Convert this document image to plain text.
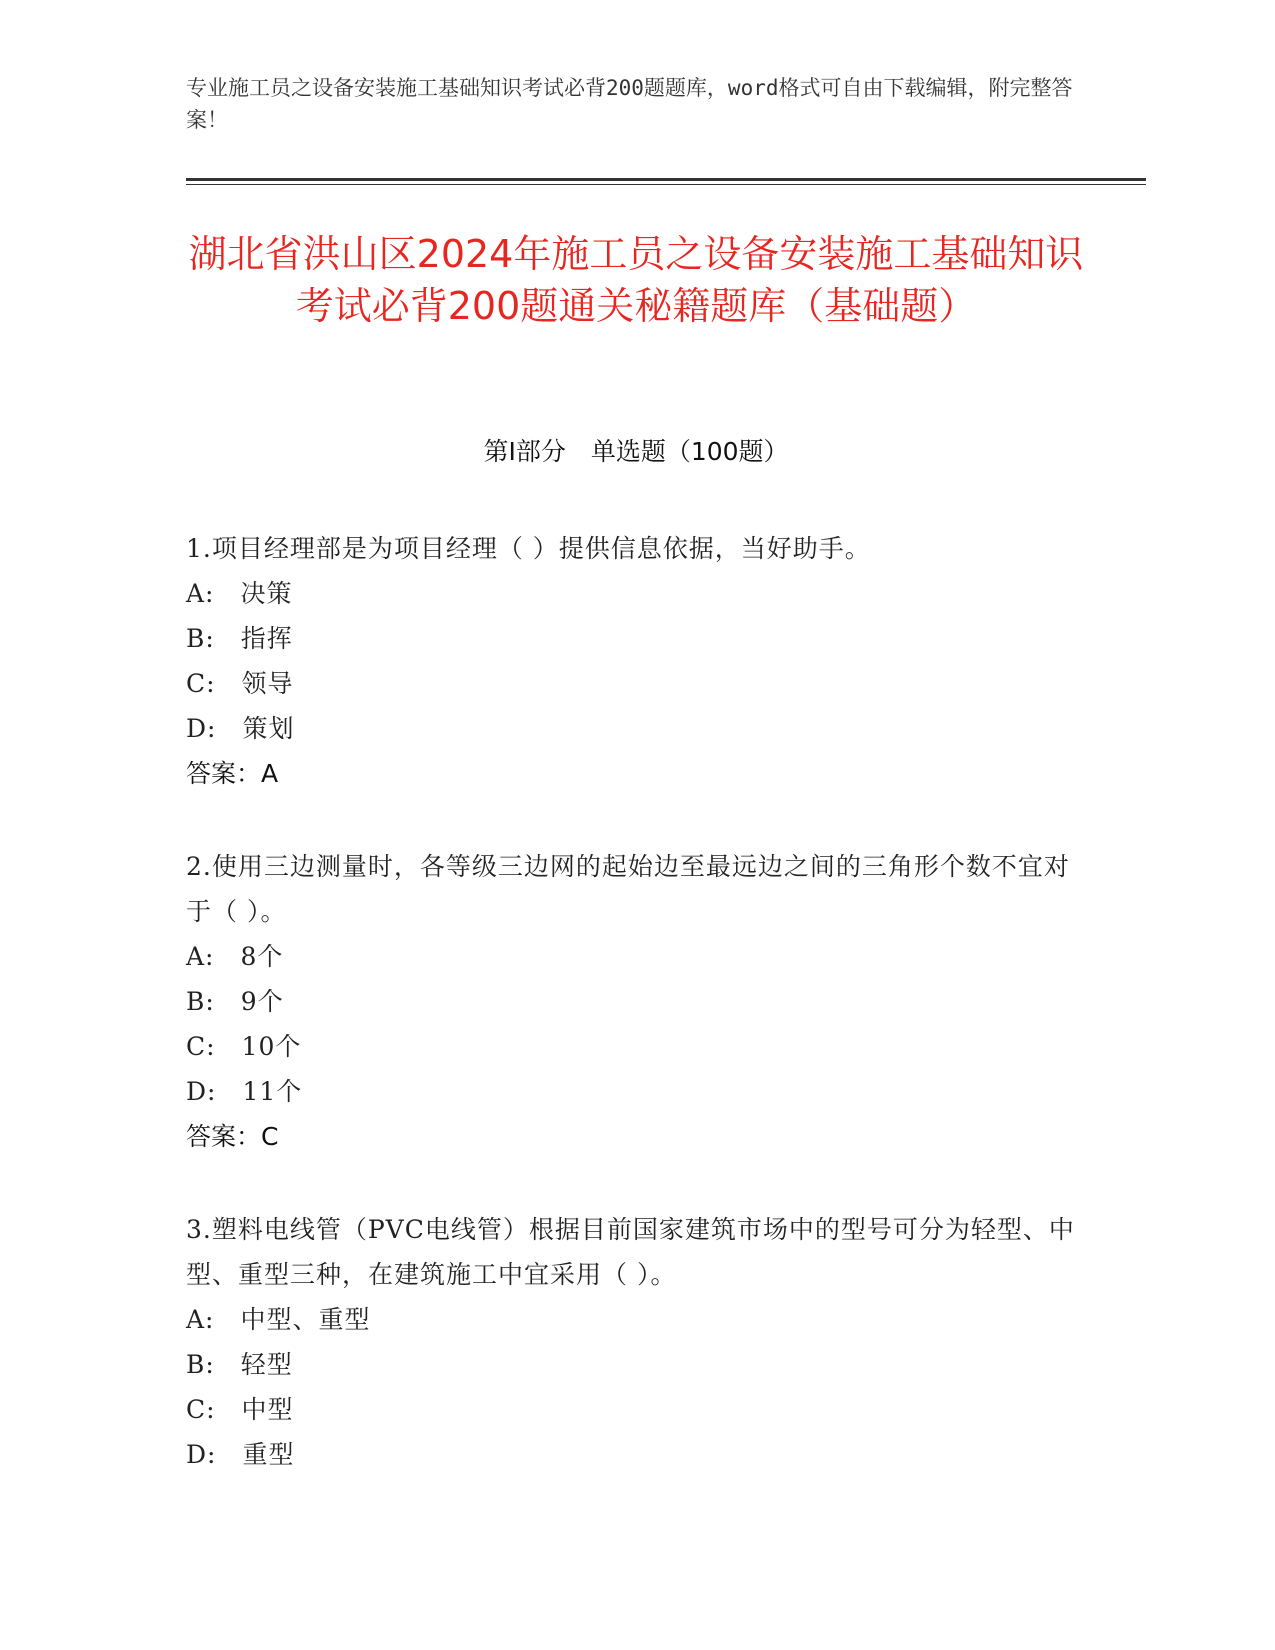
专业施工员之设备安装施工基础知识考试必背200题题库，word格式可自由下载编辑，附完整答案！
湖北省洪山区2024年施工员之设备安装施工基础知识考试必背200题通关秘籍题库（基础题）
第I部分　单选题（100题）
1.项目经理部是为项目经理（ ）提供信息依据，当好助手。
A:　决策
B:　指挥
C:　领导
D:　策划
答案：A
2.使用三边测量时，各等级三边网的起始边至最远边之间的三角形个数不宜对于（ ）。
A:　8个
B:　9个
C:　10个
D:　11个
答案：C
3.塑料电线管（PVC电线管）根据目前国家建筑市场中的型号可分为轻型、中型、重型三种，在建筑施工中宜采用（ ）。
A:　中型、重型
B:　轻型
C:　中型
D:　重型
